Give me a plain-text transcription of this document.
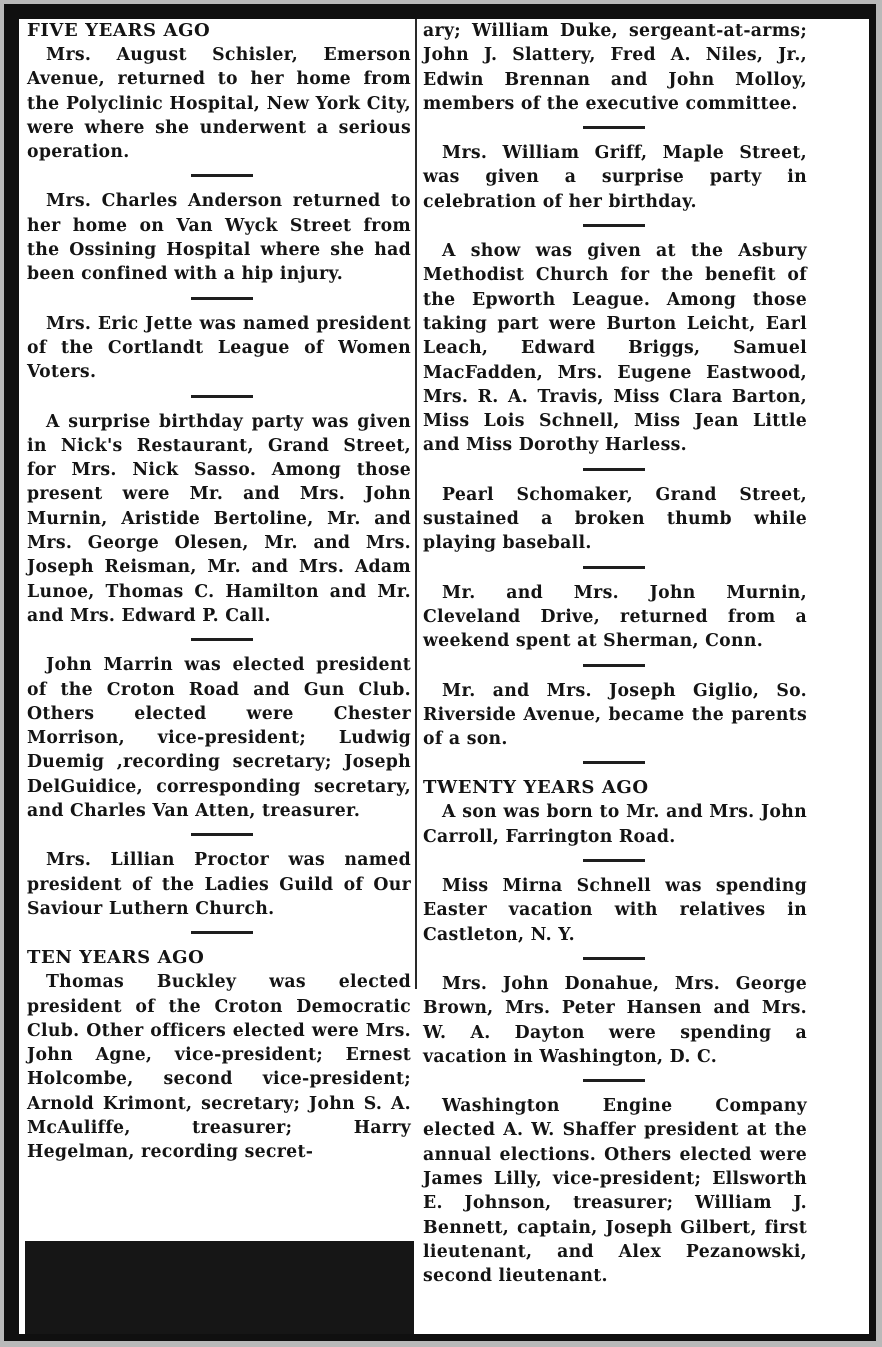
FIVE YEARS AGO

Mrs. August Schisler, Emerson Avenue, returned to her home from the Polyclinic Hospital, New York City, were where she underwent a serious operation.

Mrs. Charles Anderson returned to her home on Van Wyck Street from the Ossining Hospital where she had been confined with a hip injury.

Mrs. Eric Jette was named president of the Cortlandt League of Women Voters.

A surprise birthday party was given in Nick's Restaurant, Grand Street, for Mrs. Nick Sasso. Among those present were Mr. and Mrs. John Murnin, Aristide Bertoline, Mr. and Mrs. George Olesen, Mr. and Mrs. Joseph Reisman, Mr. and Mrs. Adam Lunoe, Thomas C. Hamilton and Mr. and Mrs. Edward P. Call.

John Marrin was elected president of the Croton Road and Gun Club. Others elected were Chester Morrison, vice-president; Ludwig Duemig ,recording secretary; Joseph DelGuidice, corresponding secretary, and Charles Van Atten, treasurer.

Mrs. Lillian Proctor was named president of the Ladies Guild of Our Saviour Luthern Church.

TEN YEARS AGO

Thomas Buckley was elected president of the Croton Democratic Club. Other officers elected were Mrs. John Agne, vice-president; Ernest Holcombe, second vice-president; Arnold Krimont, secretary; John S. A. McAuliffe, treasurer; Harry Hegelman, recording secret-

ary; William Duke, sergeant-at-arms; John J. Slattery, Fred A. Niles, Jr., Edwin Brennan and John Molloy, members of the executive committee.

Mrs. William Griff, Maple Street, was given a surprise party in celebration of her birthday.

A show was given at the Asbury Methodist Church for the benefit of the Epworth League. Among those taking part were Burton Leicht, Earl Leach, Edward Briggs, Samuel MacFadden, Mrs. Eugene Eastwood, Mrs. R. A. Travis, Miss Clara Barton, Miss Lois Schnell, Miss Jean Little and Miss Dorothy Harless.

Pearl Schomaker, Grand Street, sustained a broken thumb while playing baseball.

Mr. and Mrs. John Murnin, Cleveland Drive, returned from a weekend spent at Sherman, Conn.

Mr. and Mrs. Joseph Giglio, So. Riverside Avenue, became the parents of a son.

TWENTY YEARS AGO

A son was born to Mr. and Mrs. John Carroll, Farrington Road.

Miss Mirna Schnell was spending Easter vacation with relatives in Castleton, N. Y.

Mrs. John Donahue, Mrs. George Brown, Mrs. Peter Hansen and Mrs. W. A. Dayton were spending a vacation in Washington, D. C.

Washington Engine Company elected A. W. Shaffer president at the annual elections. Others elected were James Lilly, vice-president; Ellsworth E. Johnson, treasurer; William J. Bennett, captain, Joseph Gilbert, first lieutenant, and Alex Pezanowski, second lieutenant.
